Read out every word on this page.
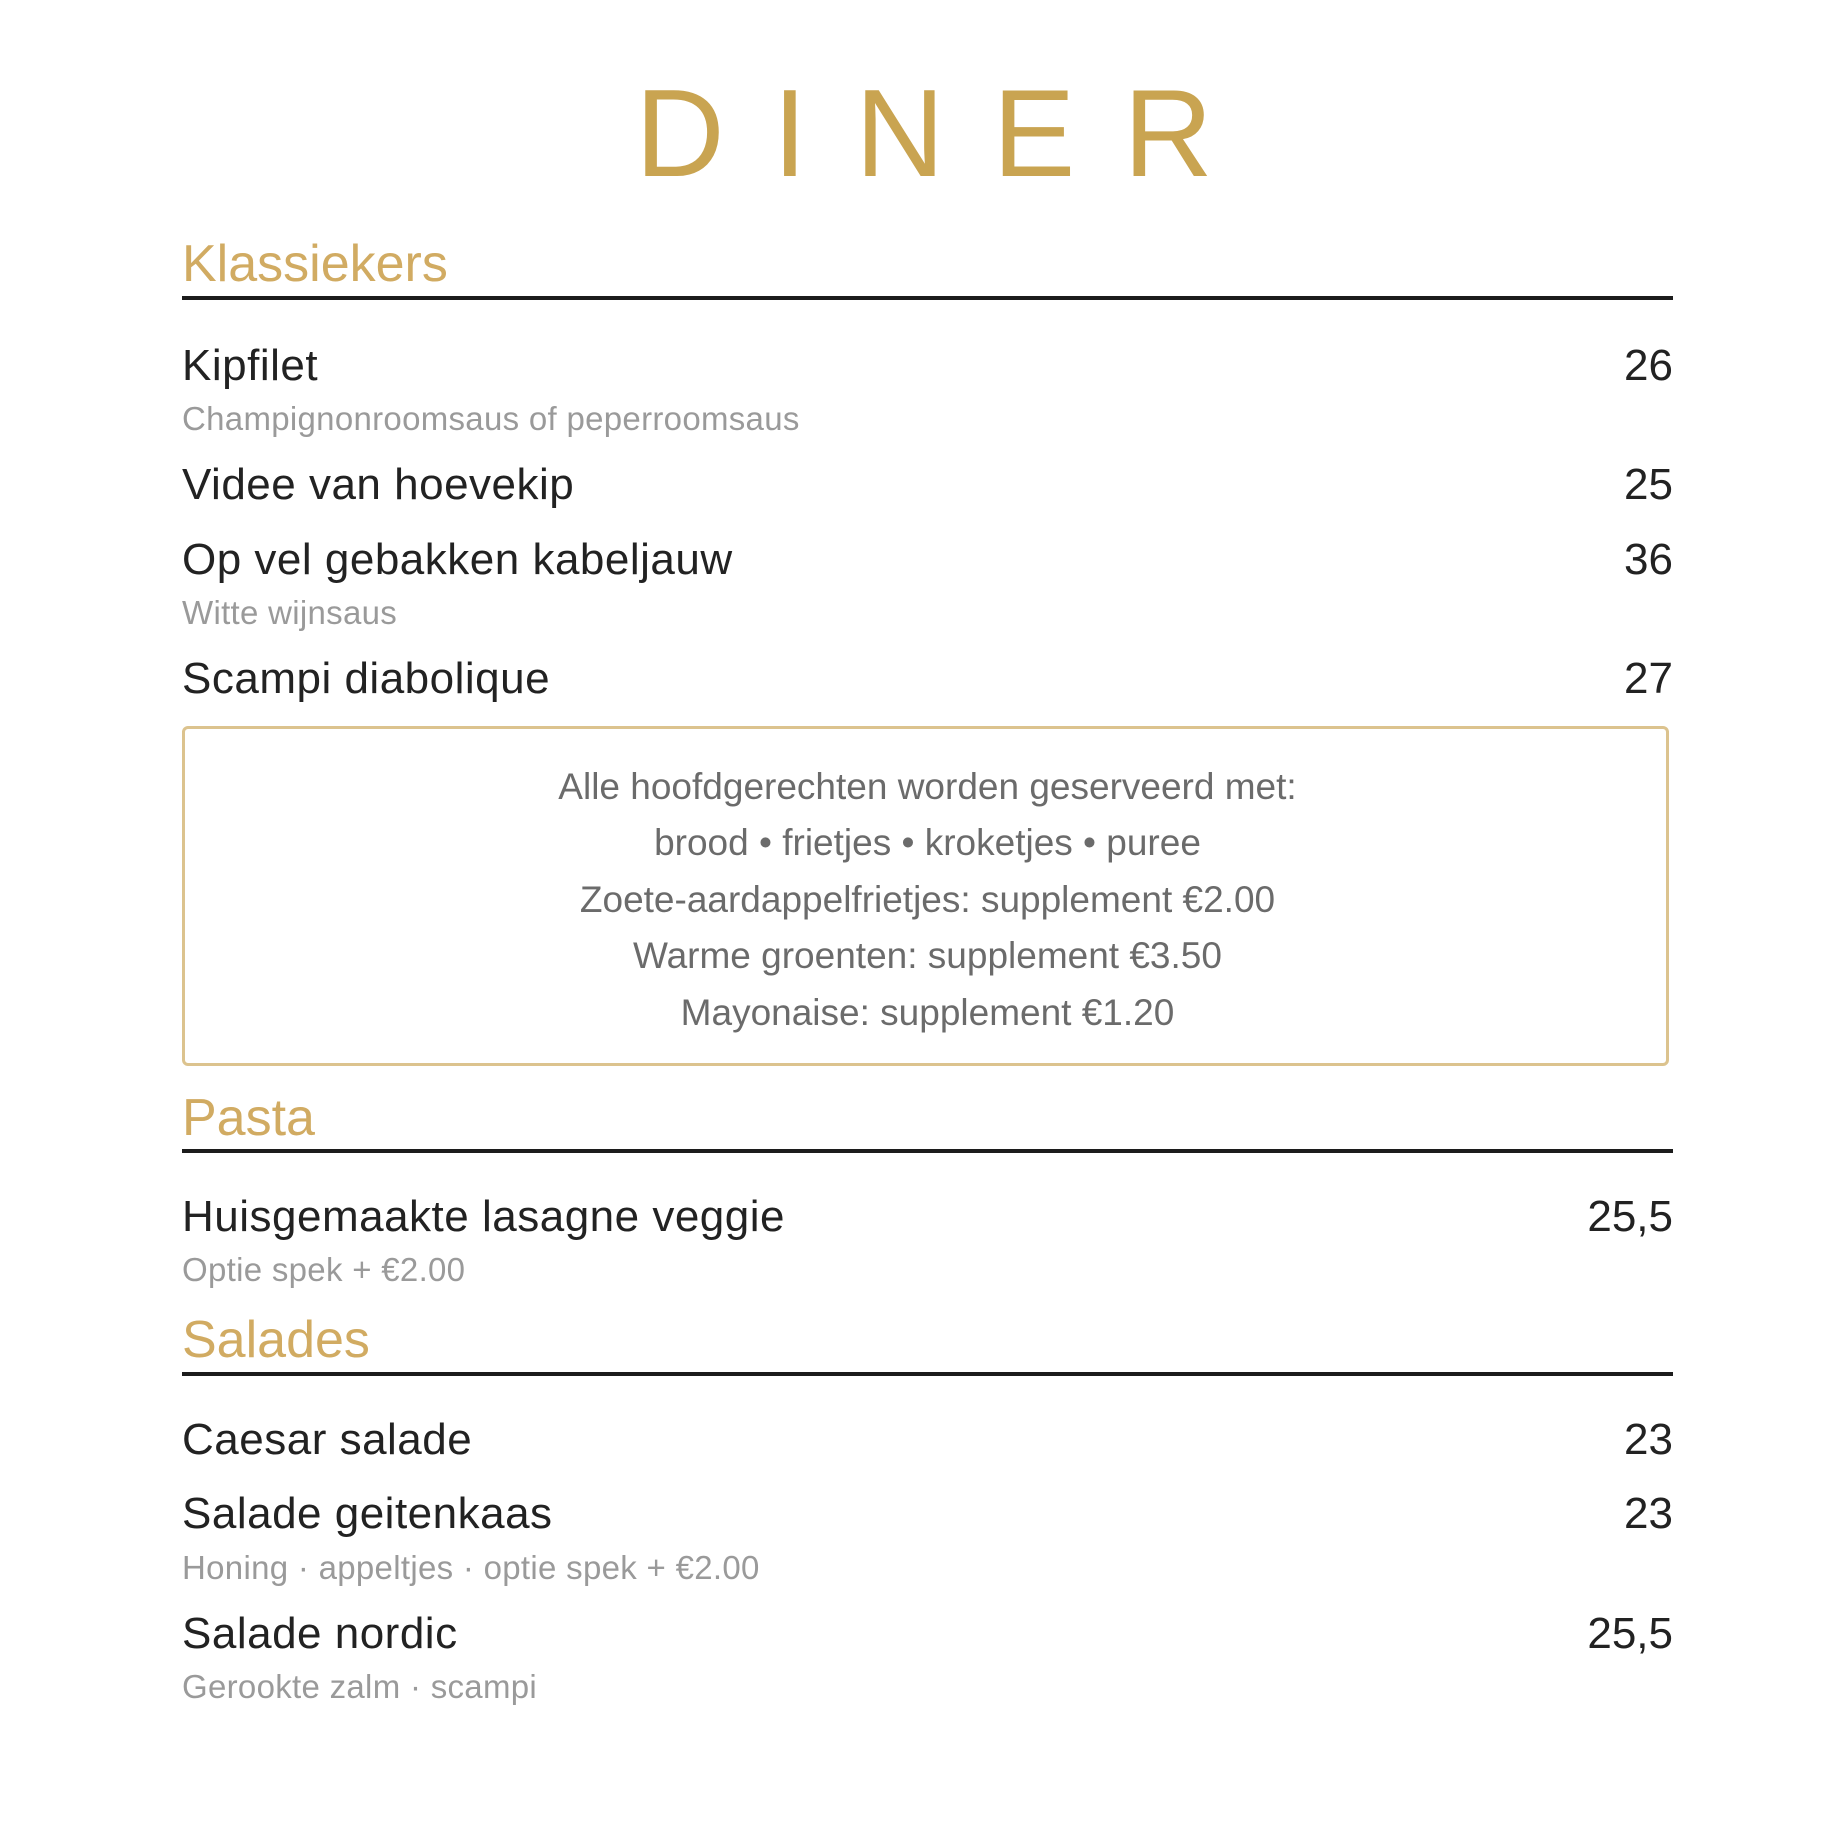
DINER
Klassiekers
Kipfilet	26
Champignonroomsaus of peperroomsaus
Videe van hoevekip	25
Op vel gebakken kabeljauw	36
Witte wijnsaus
Scampi diabolique	27
Alle hoofdgerechten worden geserveerd met:
brood • frietjes • kroketjes • puree
Zoete-aardappelfrietjes: supplement €2.00
Warme groenten: supplement €3.50
Mayonaise: supplement €1.20
Pasta
Huisgemaakte lasagne veggie	25,5
Optie spek + €2.00
Salades
Caesar salade	23
Salade geitenkaas	23
Honing · appeltjes · optie spek + €2.00
Salade nordic	25,5
Gerookte zalm · scampi
